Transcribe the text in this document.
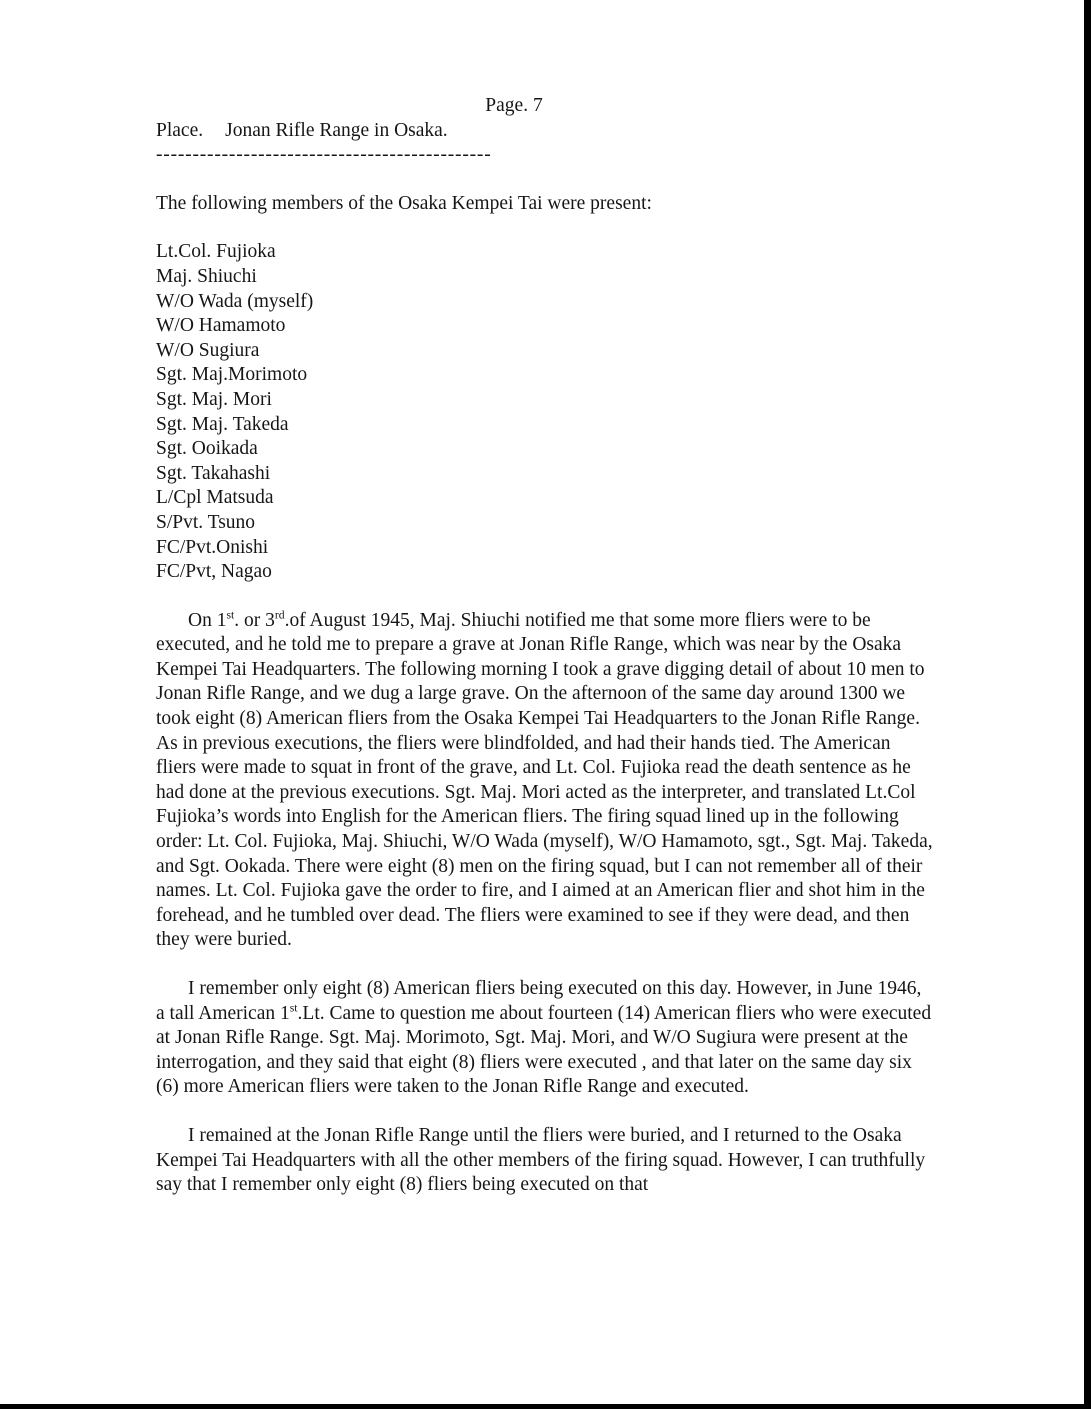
Page. 7
Place. Jonan Rifle Range in Osaka.
----------------------------------------------
The following members of the Osaka Kempei Tai were present:
Lt.Col. Fujioka
Maj. Shiuchi
W/O Wada (myself)
W/O Hamamoto
W/O Sugiura
Sgt. Maj.Morimoto
Sgt. Maj. Mori
Sgt. Maj. Takeda
Sgt. Ooikada
Sgt. Takahashi
L/Cpl Matsuda
S/Pvt. Tsuno
FC/Pvt.Onishi
FC/Pvt, Nagao

On 1st. or 3rd.of August 1945, Maj. Shiuchi notified me that some more fliers were to be executed, and he told me to prepare a grave at Jonan Rifle Range, which was near by the Osaka Kempei Tai Headquarters. The following morning I took a grave digging detail of about 10 men to Jonan Rifle Range, and we dug a large grave. On the afternoon of the same day around 1300 we took eight (8) American fliers from the Osaka Kempei Tai Headquarters to the Jonan Rifle Range. As in previous executions, the fliers were blindfolded, and had their hands tied. The American fliers were made to squat in front of the grave, and Lt. Col. Fujioka read the death sentence as he had done at the previous executions. Sgt. Maj. Mori acted as the interpreter, and translated Lt.Col Fujioka’s words into English for the American fliers. The firing squad lined up in the following order: Lt. Col. Fujioka, Maj. Shiuchi, W/O Wada (myself), W/O Hamamoto, sgt., Sgt. Maj. Takeda, and Sgt. Ookada. There were eight (8) men on the firing squad, but I can not remember all of their names. Lt. Col. Fujioka gave the order to fire, and I aimed at an American flier and shot him in the forehead, and he tumbled over dead. The fliers were examined to see if they were dead, and then they were buried.

I remember only eight (8) American fliers being executed on this day. However, in June 1946, a tall American 1st.Lt. Came to question me about fourteen (14) American fliers who were executed at Jonan Rifle Range. Sgt. Maj. Morimoto, Sgt. Maj. Mori, and W/O Sugiura were present at the interrogation, and they said that eight (8) fliers were executed , and that later on the same day six (6) more American fliers were taken to the Jonan Rifle Range and executed.

I remained at the Jonan Rifle Range until the fliers were buried, and I returned to the Osaka Kempei Tai Headquarters with all the other members of the firing squad. However, I can truthfully say that I remember only eight (8) fliers being executed on that
